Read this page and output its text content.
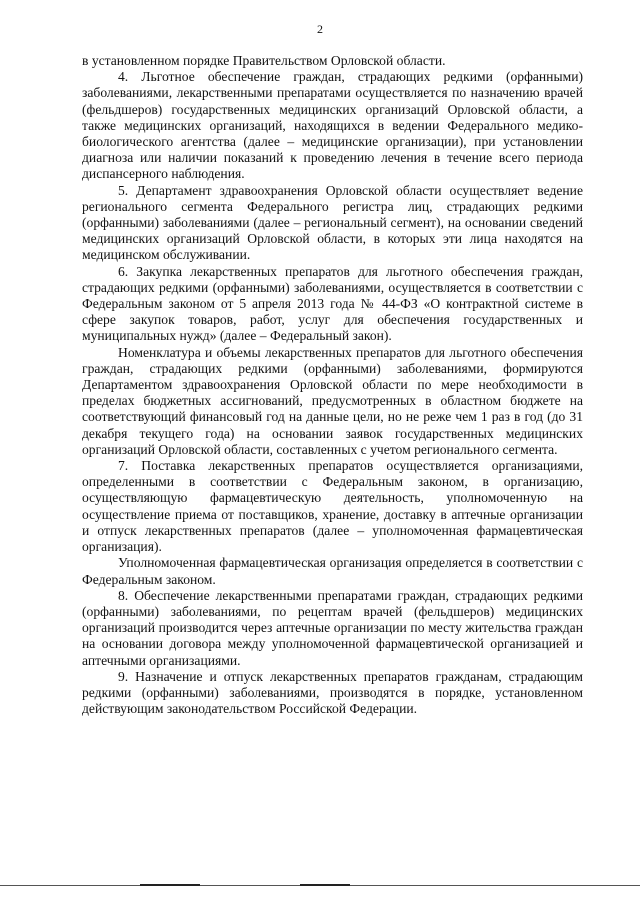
2

в установленном порядке Правительством Орловской области.

4. Льготное обеспечение граждан, страдающих редкими (орфанными) заболеваниями, лекарственными препаратами осуществляется по назначению врачей (фельдшеров) государственных медицинских организаций Орловской области, а также медицинских организаций, находящихся в ведении Федерального медико-биологического агентства (далее – медицинские организации), при установлении диагноза или наличии показаний к проведению лечения в течение всего периода диспансерного наблюдения.

5. Департамент здравоохранения Орловской области осуществляет ведение регионального сегмента Федерального регистра лиц, страдающих редкими (орфанными) заболеваниями (далее – региональный сегмент), на основании сведений медицинских организаций Орловской области, в которых эти лица находятся на медицинском обслуживании.

6. Закупка лекарственных препаратов для льготного обеспечения граждан, страдающих редкими (орфанными) заболеваниями, осуществляется в соответствии с Федеральным законом от 5 апреля 2013 года № 44-ФЗ «О контрактной системе в сфере закупок товаров, работ, услуг для обеспечения государственных и муниципальных нужд» (далее – Федеральный закон).

Номенклатура и объемы лекарственных препаратов для льготного обеспечения граждан, страдающих редкими (орфанными) заболеваниями, формируются Департаментом здравоохранения Орловской области по мере необходимости в пределах бюджетных ассигнований, предусмотренных в областном бюджете на соответствующий финансовый год на данные цели, но не реже чем 1 раз в год (до 31 декабря текущего года) на основании заявок государственных медицинских организаций Орловской области, составленных с учетом регионального сегмента.

7. Поставка лекарственных препаратов осуществляется организациями, определенными в соответствии с Федеральным законом, в организацию, осуществляющую фармацевтическую деятельность, уполномоченную на осуществление приема от поставщиков, хранение, доставку в аптечные организации и отпуск лекарственных препаратов (далее – уполномоченная фармацевтическая организация).

Уполномоченная фармацевтическая организация определяется в соответствии с Федеральным законом.

8. Обеспечение лекарственными препаратами граждан, страдающих редкими (орфанными) заболеваниями, по рецептам врачей (фельдшеров) медицинских организаций производится через аптечные организации по месту жительства граждан на основании договора между уполномоченной фармацевтической организацией и аптечными организациями.

9. Назначение и отпуск лекарственных препаратов гражданам, страдающим редкими (орфанными) заболеваниями, производятся в порядке, установленном действующим законодательством Российской Федерации.
